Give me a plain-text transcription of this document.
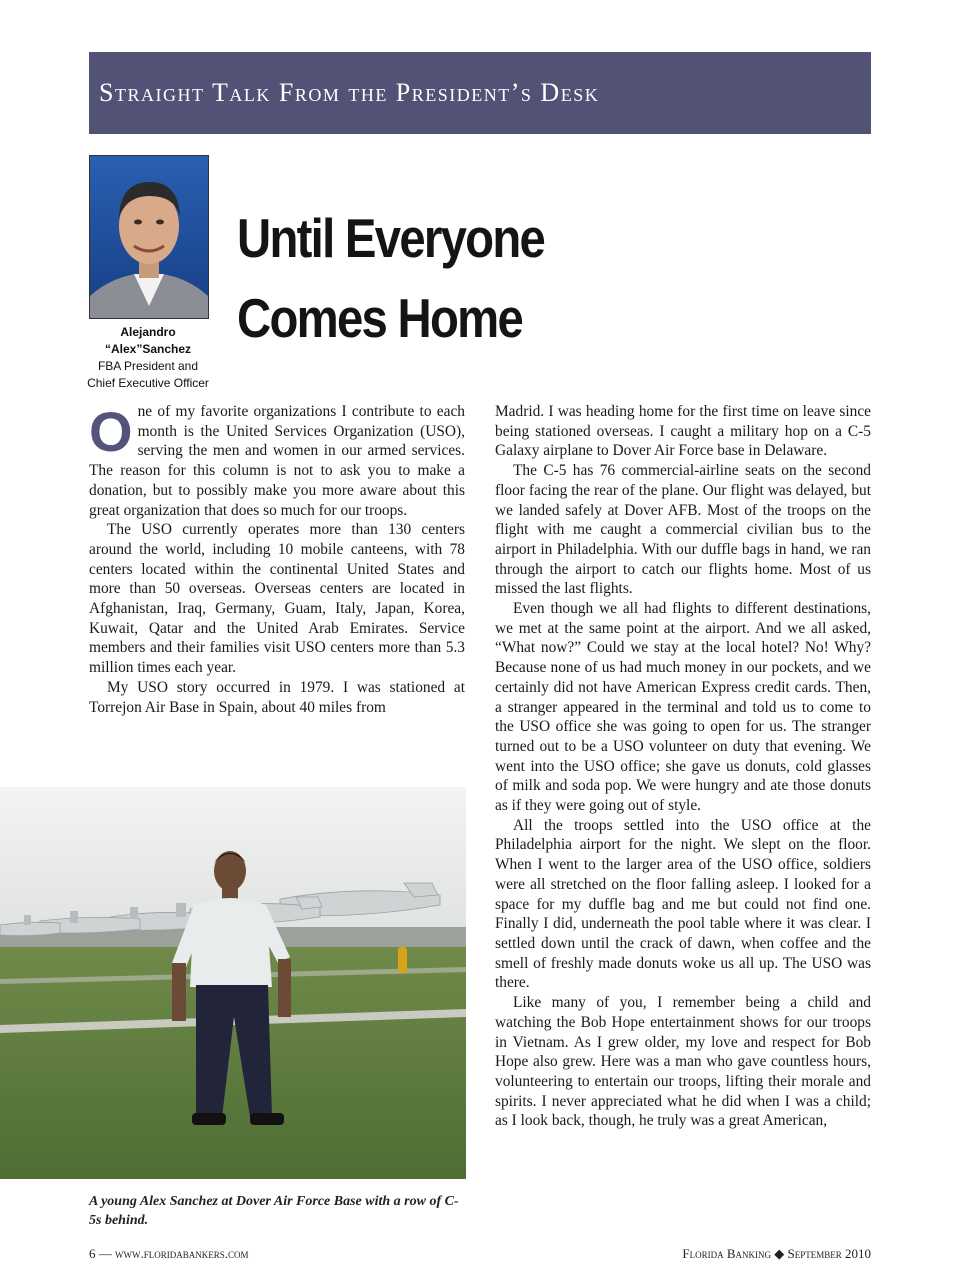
Straight Talk From the President’s Desk
Alejandro
“Alex”Sanchez
FBA President and
Chief Executive Officer
Until Everyone
Comes Home

One of my favorite organizations I contribute to each month is the United Services Organization (USO), serving the men and women in our armed services. The reason for this column is not to ask you to make a donation, but to possibly make you more aware about this great organization that does so much for our troops.

The USO currently operates more than 130 centers around the world, including 10 mobile canteens, with 78 centers located within the continental United States and more than 50 overseas. Overseas centers are located in Afghanistan, Iraq, Germany, Guam, Italy, Japan, Korea, Kuwait, Qatar and the United Arab Emirates. Service members and their families visit USO centers more than 5.3 million times each year.

My USO story occurred in 1979. I was stationed at Torrejon Air Base in Spain, about 40 miles from

Madrid. I was heading home for the first time on leave since being stationed overseas. I caught a military hop on a C-5 Galaxy airplane to Dover Air Force base in Delaware.

The C-5 has 76 commercial-airline seats on the second floor facing the rear of the plane. Our flight was delayed, but we landed safely at Dover AFB. Most of the troops on the flight with me caught a commercial civilian bus to the airport in Philadelphia. With our duffle bags in hand, we ran through the airport to catch our flights home. Most of us missed the last flights.

Even though we all had flights to different destinations, we met at the same point at the airport. And we all asked, “What now?” Could we stay at the local hotel? No! Why? Because none of us had much money in our pockets, and we certainly did not have American Express credit cards. Then, a stranger appeared in the terminal and told us to come to the USO office she was going to open for us. The stranger turned out to be a USO volunteer on duty that evening. We went into the USO office; she gave us donuts, cold glasses of milk and soda pop. We were hungry and ate those donuts as if they were going out of style.

All the troops settled into the USO office at the Philadelphia airport for the night. We slept on the floor. When I went to the larger area of the USO office, soldiers were all stretched on the floor falling asleep. I looked for a space for my duffle bag and me but could not find one. Finally I did, underneath the pool table where it was clear. I settled down until the crack of dawn, when coffee and the smell of freshly made donuts woke us all up. The USO was there.

Like many of you, I remember being a child and watching the Bob Hope entertainment shows for our troops in Vietnam. As I grew older, my love and respect for Bob Hope also grew. Here was a man who gave countless hours, volunteering to entertain our troops, lifting their morale and spirits. I never appreciated what he did when I was a child; as I look back, though, he truly was a great American,

A young Alex Sanchez at Dover Air Force Base with a row of C-5s behind.
6 — www.floridabankers.com	Florida Banking ◆ September 2010
